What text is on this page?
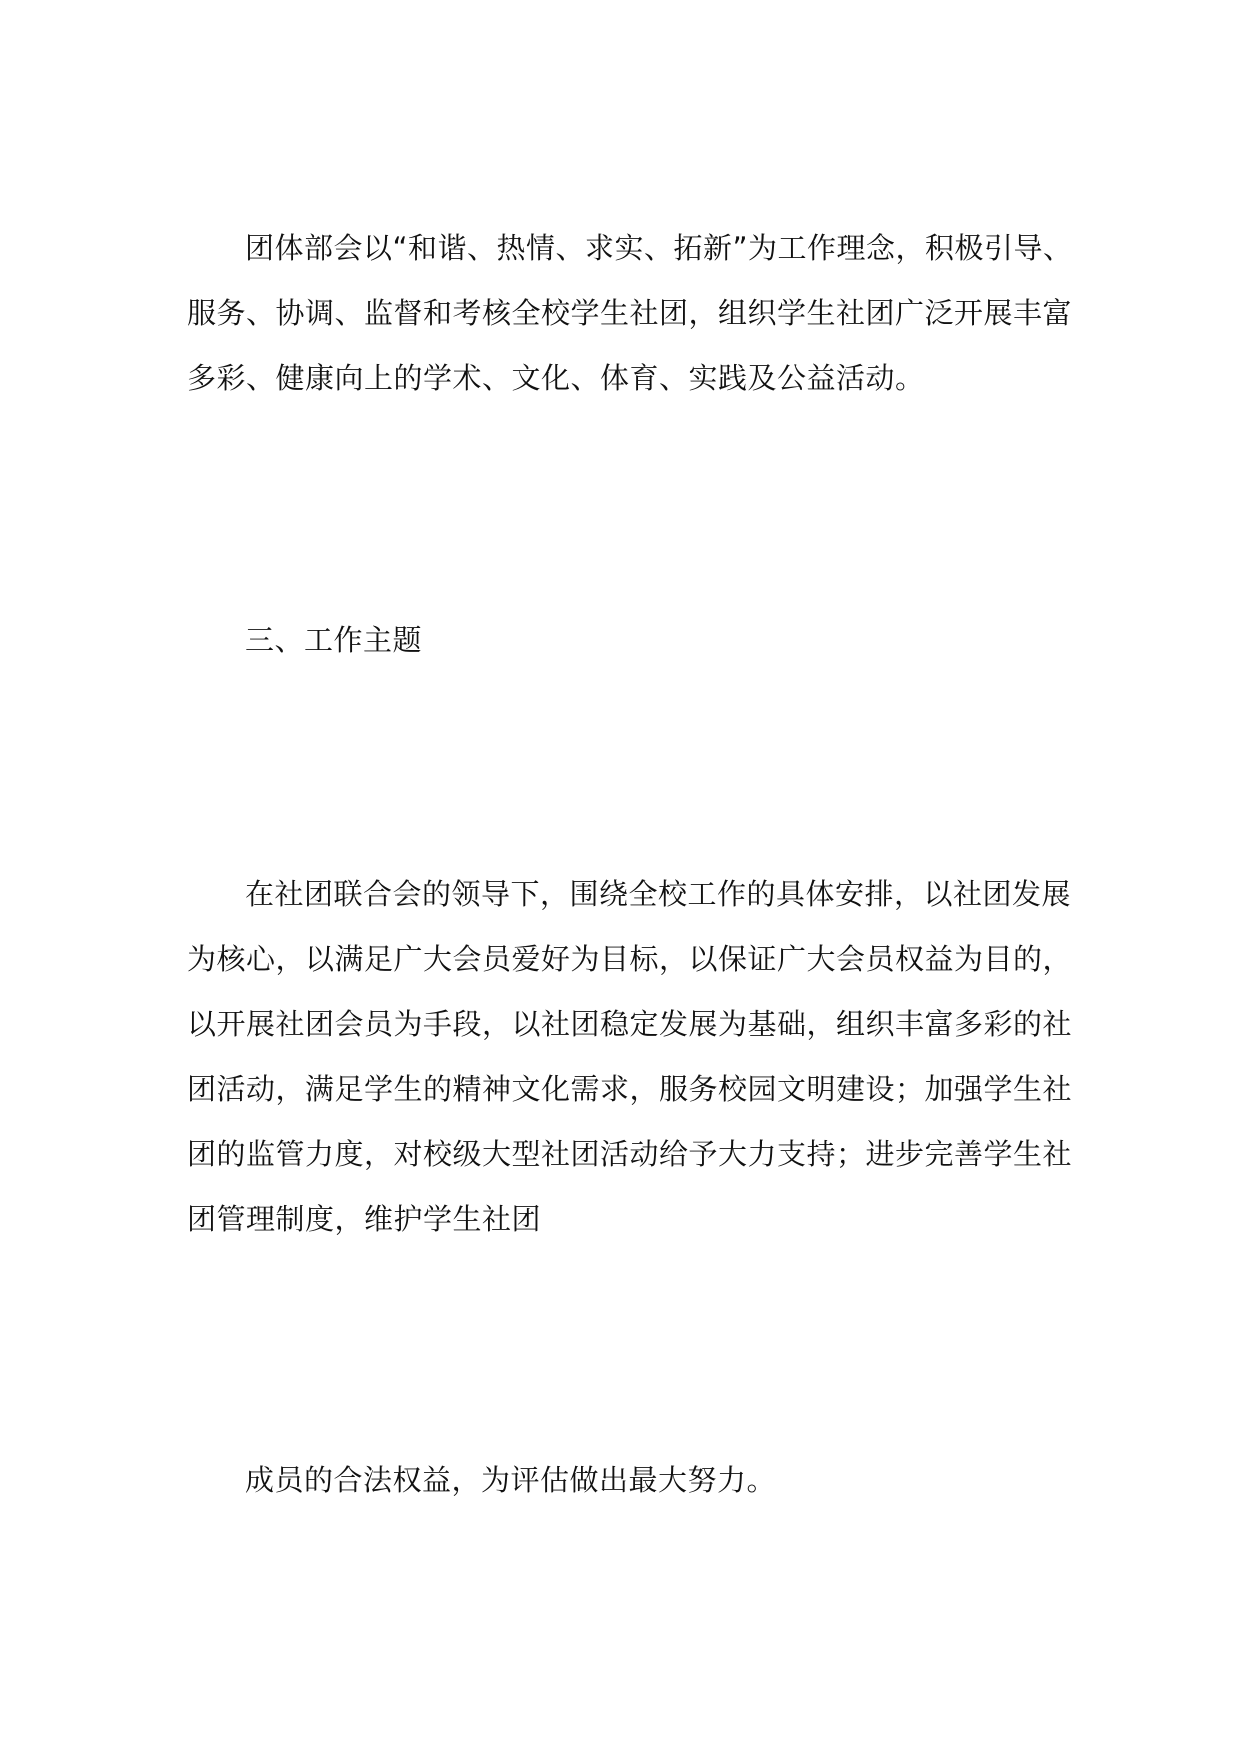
团体部会以“和谐、热情、求实、拓新”为工作理念，积极引导、服务、协调、监督和考核全校学生社团，组织学生社团广泛开展丰富多彩、健康向上的学术、文化、体育、实践及公益活动。

三、工作主题

在社团联合会的领导下，围绕全校工作的具体安排，以社团发展为核心，以满足广大会员爱好为目标，以保证广大会员权益为目的，以开展社团会员为手段，以社团稳定发展为基础，组织丰富多彩的社团活动，满足学生的精神文化需求，服务校园文明建设；加强学生社团的监管力度，对校级大型社团活动给予大力支持；进步完善学生社团管理制度，维护学生社团

成员的合法权益，为评估做出最大努力。
